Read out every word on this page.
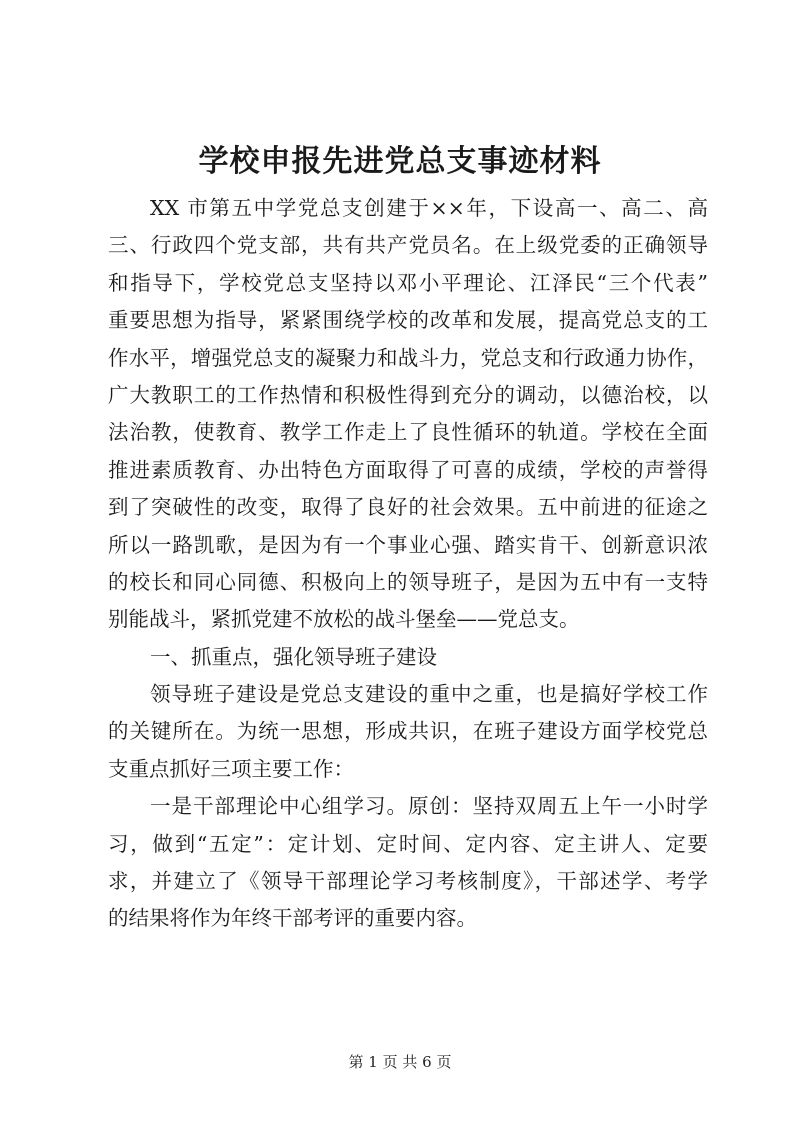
学校申报先进党总支事迹材料
XX 市第五中学党总支创建于××年，下设高一、高二、高
三、行政四个党支部，共有共产党员名。在上级党委的正确领导
和指导下，学校党总支坚持以邓小平理论、江泽民“三个代表”
重要思想为指导，紧紧围绕学校的改革和发展，提高党总支的工
作水平，增强党总支的凝聚力和战斗力，党总支和行政通力协作，
广大教职工的工作热情和积极性得到充分的调动，以德治校，以
法治教，使教育、教学工作走上了良性循环的轨道。学校在全面
推进素质教育、办出特色方面取得了可喜的成绩，学校的声誉得
到了突破性的改变，取得了良好的社会效果。五中前进的征途之
所以一路凯歌，是因为有一个事业心强、踏实肯干、创新意识浓
的校长和同心同德、积极向上的领导班子，是因为五中有一支特
别能战斗，紧抓党建不放松的战斗堡垒——党总支。
一、抓重点，强化领导班子建设
领导班子建设是党总支建设的重中之重，也是搞好学校工作
的关键所在。为统一思想，形成共识，在班子建设方面学校党总
支重点抓好三项主要工作：
一是干部理论中心组学习。原创：坚持双周五上午一小时学
习，做到“五定”：定计划、定时间、定内容、定主讲人、定要
求，并建立了《领导干部理论学习考核制度》，干部述学、考学
的结果将作为年终干部考评的重要内容。
第 1 页 共 6 页
